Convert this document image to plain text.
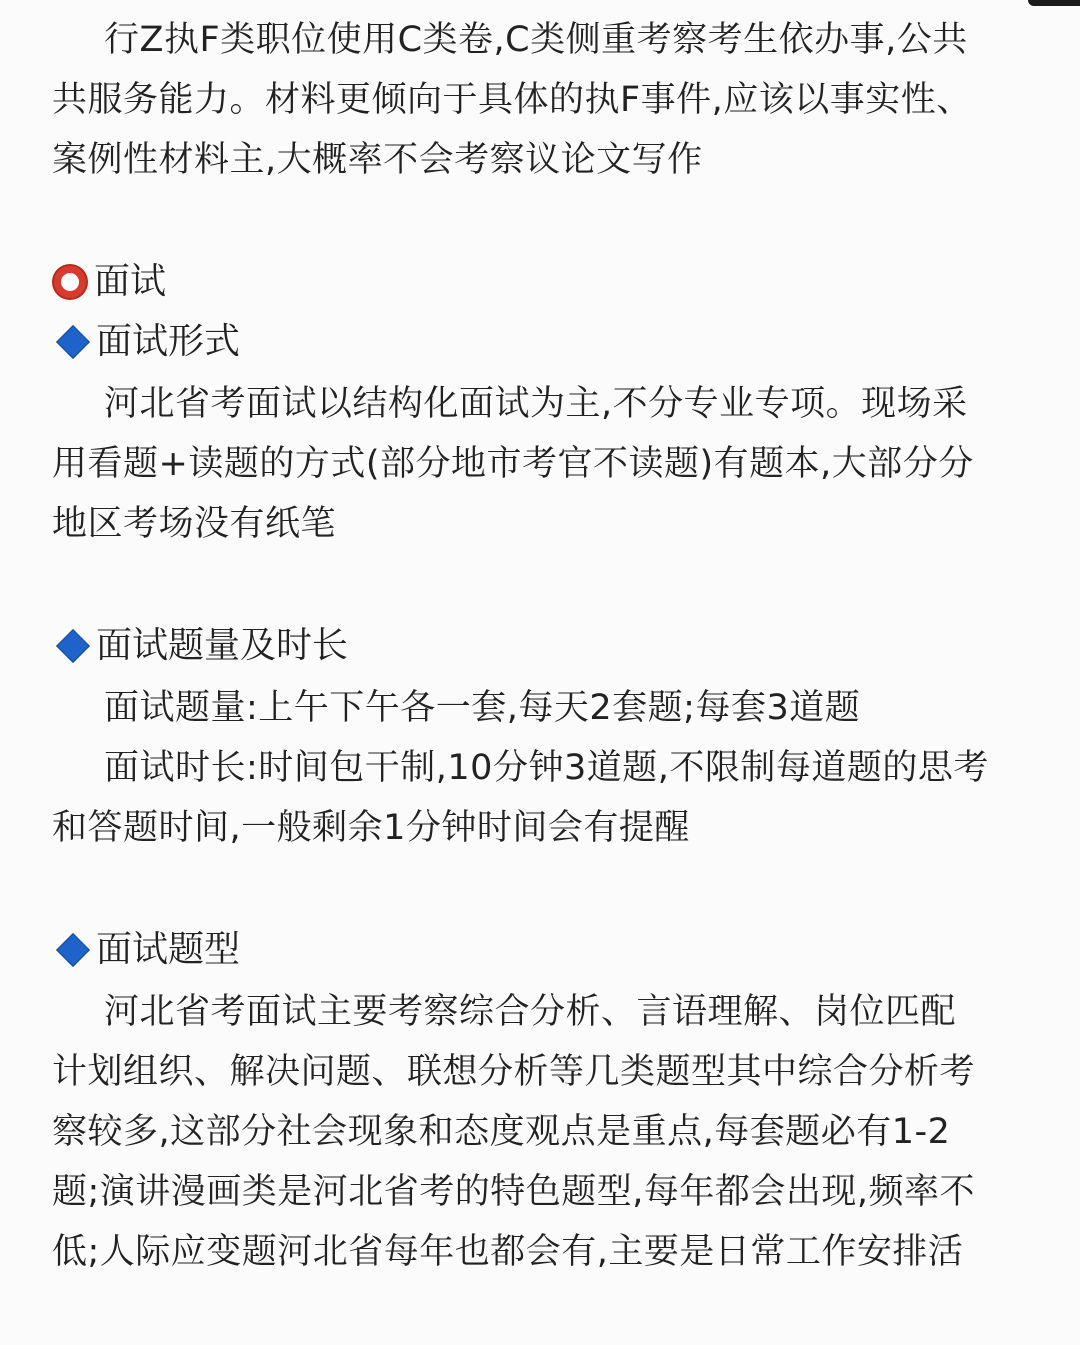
行Z执F类职位使用C类卷,C类侧重考察考生依办事,公共
共服务能力。材料更倾向于具体的执F事件,应该以事实性、
案例性材料主,大概率不会考察议论文写作
面试
面试形式
河北省考面试以结构化面试为主,不分专业专项。现场采
用看题+读题的方式(部分地市考官不读题)有题本,大部分分
地区考场没有纸笔
面试题量及时长
面试题量:上午下午各一套,每天2套题;每套3道题
面试时长:时间包干制,10分钟3道题,不限制每道题的思考
和答题时间,一般剩余1分钟时间会有提醒
面试题型
河北省考面试主要考察综合分析、言语理解、岗位匹配
计划组织、解决问题、联想分析等几类题型其中综合分析考
察较多,这部分社会现象和态度观点是重点,每套题必有1-2
题;演讲漫画类是河北省考的特色题型,每年都会出现,频率不
低;人际应变题河北省每年也都会有,主要是日常工作安排活
